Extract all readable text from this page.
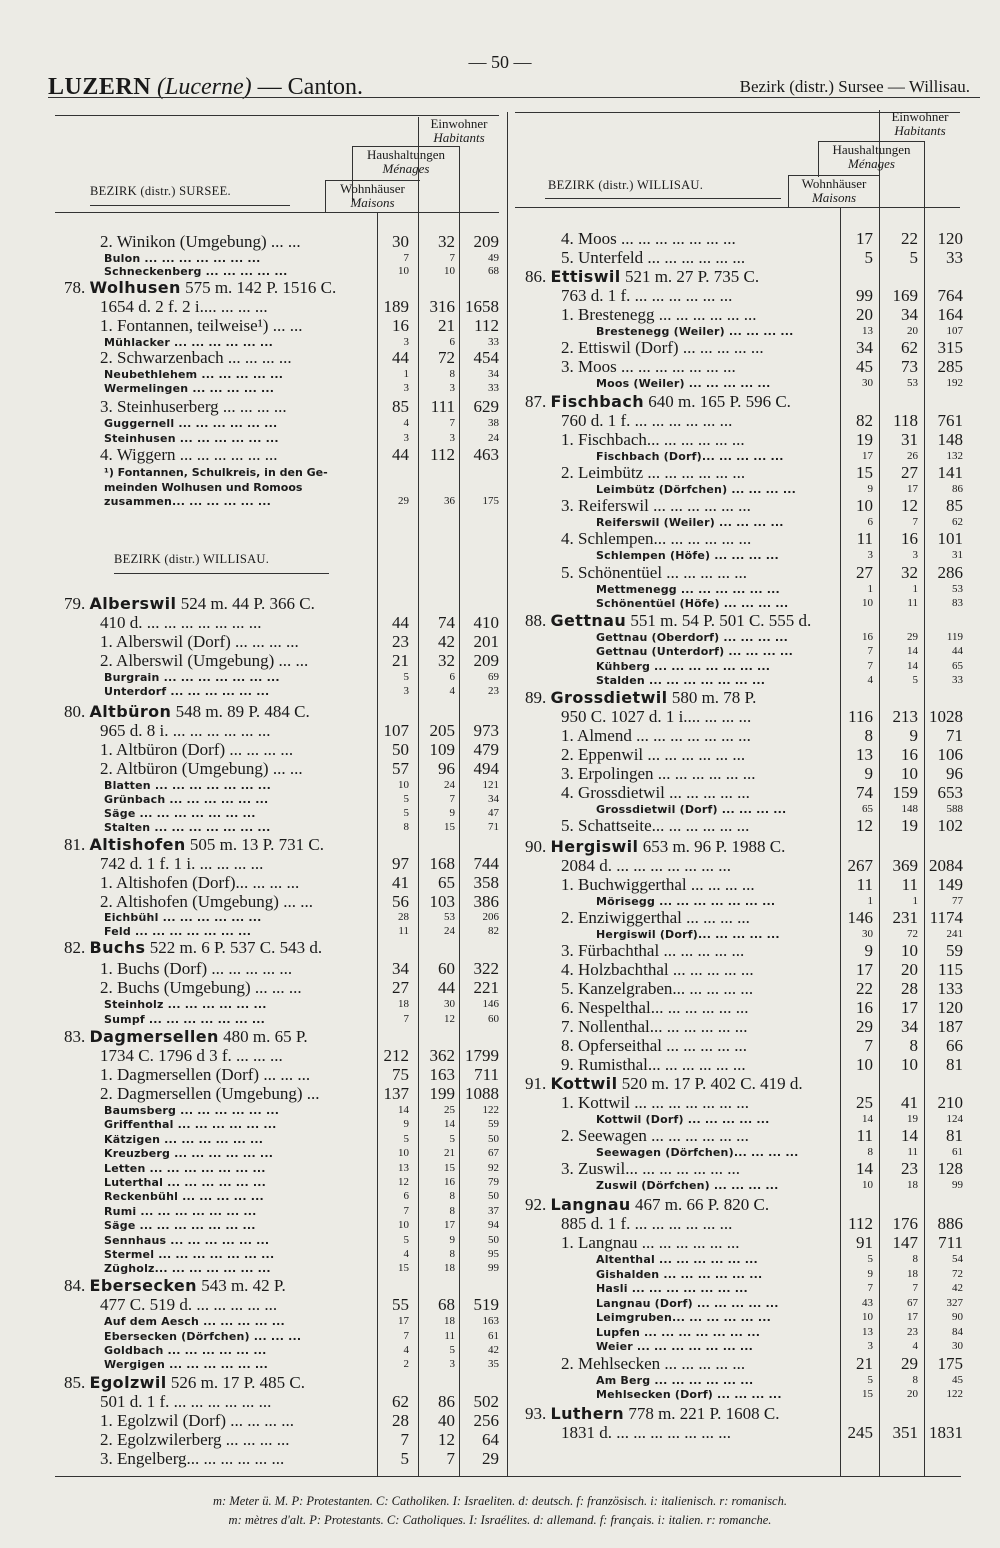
— 50 —
LUZERN (Lucerne) — Canton.	Bezirk (distr.) Sursee — Willisau.
Einwohner
Habitants
Haushaltungen
Ménages
Wohnhäuser
Maisons
BEZIRK (distr.) SURSEE.
BEZIRK (distr.) WILLISAU.
Einwohner
Habitants
Haushaltungen
Ménages
Wohnhäuser
Maisons
BEZIRK (distr.) WILLISAU.
2. Winikon (Umgebung) ... ...	30	32	209
Bulon ... ... ... ... ... ... ...	7	7	49
Schneckenberg ... ... ... ... ...	10	10	68
78. Wolhusen 575 m. 142 P. 1516 C.
1654 d. 2 f. 2 i.... ... ... ...	189	316 1658
1. Fontannen, teilweise¹) ... ...	16	21	112
Mühlacker ... ... ... ... ... ...	3	6	33
2. Schwarzenbach ... ... ... ...	44	72	454
Neubethlehem ... ... ... ... ...	1	8	34
Wermelingen ... ... ... ... ...	3	3	33
3. Steinhuserberg ... ... ... ...	85	111	629
Guggernell ... ... ... ... ... ...	4	7	38
Steinhusen ... ... ... ... ... ...	3	3	24
4. Wiggern ... ... ... ... ... ...	44	112	463
¹) Fontannen, Schulkreis, in den Ge-
meinden Wolhusen und Romoos
zusammen... ... ... ... ... ...	29	36	175
79. Alberswil 524 m. 44 P. 366 C.
410 d. ... ... ... ... ... ... ...	44	74	410
1. Alberswil (Dorf) ... ... ... ...	23	42	201
2. Alberswil (Umgebung) ... ...	21	32	209
Burgrain ... ... ... ... ... ... ...	5	6	69
Unterdorf ... ... ... ... ... ...	3	4	23
80. Altbüron 548 m. 89 P. 484 C.
965 d. 8 i. ... ... ... ... ... ...	107	205	973
1. Altbüron (Dorf) ... ... ... ...	50	109	479
2. Altbüron (Umgebung) ... ...	57	96	494
Blatten ... ... ... ... ... ... ...	10	24	121
Grünbach ... ... ... ... ... ...	5	7	34
Säge ... ... ... ... ... ... ...	5	9	47
Stalten ... ... ... ... ... ... ...	8	15	71
81. Altishofen 505 m. 13 P. 731 C.
742 d. 1 f. 1 i. ... ... ... ...	97	168	744
1. Altishofen (Dorf)... ... ... ...	41	65	358
2. Altishofen (Umgebung) ... ...	56	103	386
Eichbühl ... ... ... ... ... ...	28	53	206
Feld ... ... ... ... ... ... ...	11	24	82
82. Buchs 522 m. 6 P. 537 C. 543 d.
1. Buchs (Dorf) ... ... ... ... ...	34	60	322
2. Buchs (Umgebung) ... ... ...	27	44	221
Steinholz ... ... ... ... ... ...	18	30	146
Sumpf ... ... ... ... ... ... ...	7	12	60
83. Dagmersellen 480 m. 65 P.
1734 C. 1796 d 3 f. ... ... ...	212	362 1799
1. Dagmersellen (Dorf) ... ... ...	75	163	711
2. Dagmersellen (Umgebung) ...	137	199 1088
Baumsberg ... ... ... ... ... ...	14	25	122
Griffenthal ... ... ... ... ... ...	9	14	59
Kätzigen ... ... ... ... ... ...	5	5	50
Kreuzberg ... ... ... ... ... ...	10	21	67
Letten ... ... ... ... ... ... ...	13	15	92
Luterthal ... ... ... ... ... ...	12	16	79
Reckenbühl ... ... ... ... ...	6	8	50
Rumi ... ... ... ... ... ... ...	7	8	37
Säge ... ... ... ... ... ... ...	10	17	94
Sennhaus ... ... ... ... ... ...	5	9	50
Stermel ... ... ... ... ... ... ...	4	8	95
Zügholz... ... ... ... ... ... ...	15	18	99
84. Ebersecken 543 m. 42 P.
477 C. 519 d. ... ... ... ... ...	55	68	519
Auf dem Aesch ... ... ... ... ...	17	18	163
Ebersecken (Dörfchen) ... ... ...	7	11	61
Goldbach ... ... ... ... ... ...	4	5	42
Wergigen ... ... ... ... ... ...	2	3	35
85. Egolzwil 526 m. 17 P. 485 C.
501 d. 1 f. ... ... ... ... ... ...	62	86	502
1. Egolzwil (Dorf) ... ... ... ...	28	40	256
2. Egolzwilerberg ... ... ... ...	7	12	64
3. Engelberg... ... ... ... ... ...	5	7	29
4. Moos ... ... ... ... ... ... ...	17	22	120
5. Unterfeld ... ... ... ... ... ...	5	5	33
86. Ettiswil 521 m. 27 P. 735 C.
763 d. 1 f. ... ... ... ... ... ...	99	169	764
1. Brestenegg ... ... ... ... ... ...	20	34	164
Brestenegg (Weiler) ... ... ... ...	13	20	107
2. Ettiswil (Dorf) ... ... ... ... ...	34	62	315
3. Moos ... ... ... ... ... ... ...	45	73	285
Moos (Weiler) ... ... ... ... ...	30	53	192
87. Fischbach 640 m. 165 P. 596 C.
760 d. 1 f. ... ... ... ... ... ...	82	118	761
1. Fischbach... ... ... ... ... ...	19	31	148
Fischbach (Dorf)... ... ... ... ...	17	26	132
2. Leimbütz ... ... ... ... ... ...	15	27	141
Leimbütz (Dörfchen) ... ... ... ...	9	17	86
3. Reiferswil ... ... ... ... ... ...	10	12	85
Reiferswil (Weiler) ... ... ... ...	6	7	62
4. Schlempen... ... ... ... ... ...	11	16	101
Schlempen (Höfe) ... ... ... ...	3	3	31
5. Schönentüel ... ... ... ... ...	27	32	286
Mettmenegg ... ... ... ... ... ...	1	1	53
Schönentüel (Höfe) ... ... ... ...	10	11	83
88. Gettnau 551 m. 54 P. 501 C. 555 d.
Gettnau (Oberdorf) ... ... ... ...	16	29	119
Gettnau (Unterdorf) ... ... ... ...	7	14	44
Kühberg ... ... ... ... ... ... ...	7	14	65
Stalden ... ... ... ... ... ... ...	4	5	33
89. Grossdietwil 580 m. 78 P.
950 C. 1027 d. 1 i.... ... ... ...	116	213 1028
1. Almend ... ... ... ... ... ... ...	8	9	71
2. Eppenwil ... ... ... ... ... ...	13	16	106
3. Erpolingen ... ... ... ... ... ...	9	10	96
4. Grossdietwil ... ... ... ... ...	74	159	653
Grossdietwil (Dorf) ... ... ... ...	65	148	588
5. Schattseite... ... ... ... ... ...	12	19	102
90. Hergiswil 653 m. 96 P. 1988 C.
2084 d. ... ... ... ... ... ... ...	267	369 2084
1. Buchwiggerthal ... ... ... ...	11	11	149
Mörisegg ... ... ... ... ... ... ...	1	1	77
2. Enziwiggerthal ... ... ... ...	146	231 1174
Hergiswil (Dorf)... ... ... ... ...	30	72	241
3. Fürbachthal ... ... ... ... ...	9	10	59
4. Holzbachthal ... ... ... ... ...	17	20	115
5. Kanzelgraben... ... ... ... ...	22	28	133
6. Nespelthal... ... ... ... ... ...	16	17	120
7. Nollenthal... ... ... ... ... ...	29	34	187
8. Opferseithal ... ... ... ... ...	7	8	66
9. Rumisthal... ... ... ... ... ...	10	10	81
91. Kottwil 520 m. 17 P. 402 C. 419 d.
1. Kottwil ... ... ... ... ... ... ...	25	41	210
Kottwil (Dorf) ... ... ... ... ...	14	19	124
2. Seewagen ... ... ... ... ... ...	11	14	81
Seewagen (Dörfchen)... ... ... ...	8	11	61
3. Zuswil... ... ... ... ... ... ...	14	23	128
Zuswil (Dörfchen) ... ... ... ...	10	18	99
92. Langnau 467 m. 66 P. 820 C.
885 d. 1 f. ... ... ... ... ... ...	112	176	886
1. Langnau ... ... ... ... ... ...	91	147	711
Altenthal ... ... ... ... ... ...	5	8	54
Gishalden ... ... ... ... ... ...	9	18	72
Hasli ... ... ... ... ... ... ...	7	7	42
Langnau (Dorf) ... ... ... ... ...	43	67	327
Leimgruben... ... ... ... ... ...	10	17	90
Lupfen ... ... ... ... ... ... ...	13	23	84
Weier ... ... ... ... ... ... ...	3	4	30
2. Mehlsecken ... ... ... ... ...	21	29	175
Am Berg ... ... ... ... ... ...	5	8	45
Mehlsecken (Dorf) ... ... ... ...	15	20	122
93. Luthern 778 m. 221 P. 1608 C.
1831 d. ... ... ... ... ... ... ...	245	351 1831
m: Meter ü. M. P: Protestanten. C: Catholiken. I: Israeliten. d: deutsch. f: französisch. i: italienisch. r: romanisch.
m: mètres d'alt. P: Protestants. C: Catholiques. I: Israélites. d: allemand. f: français. i: italien. r: romanche.
